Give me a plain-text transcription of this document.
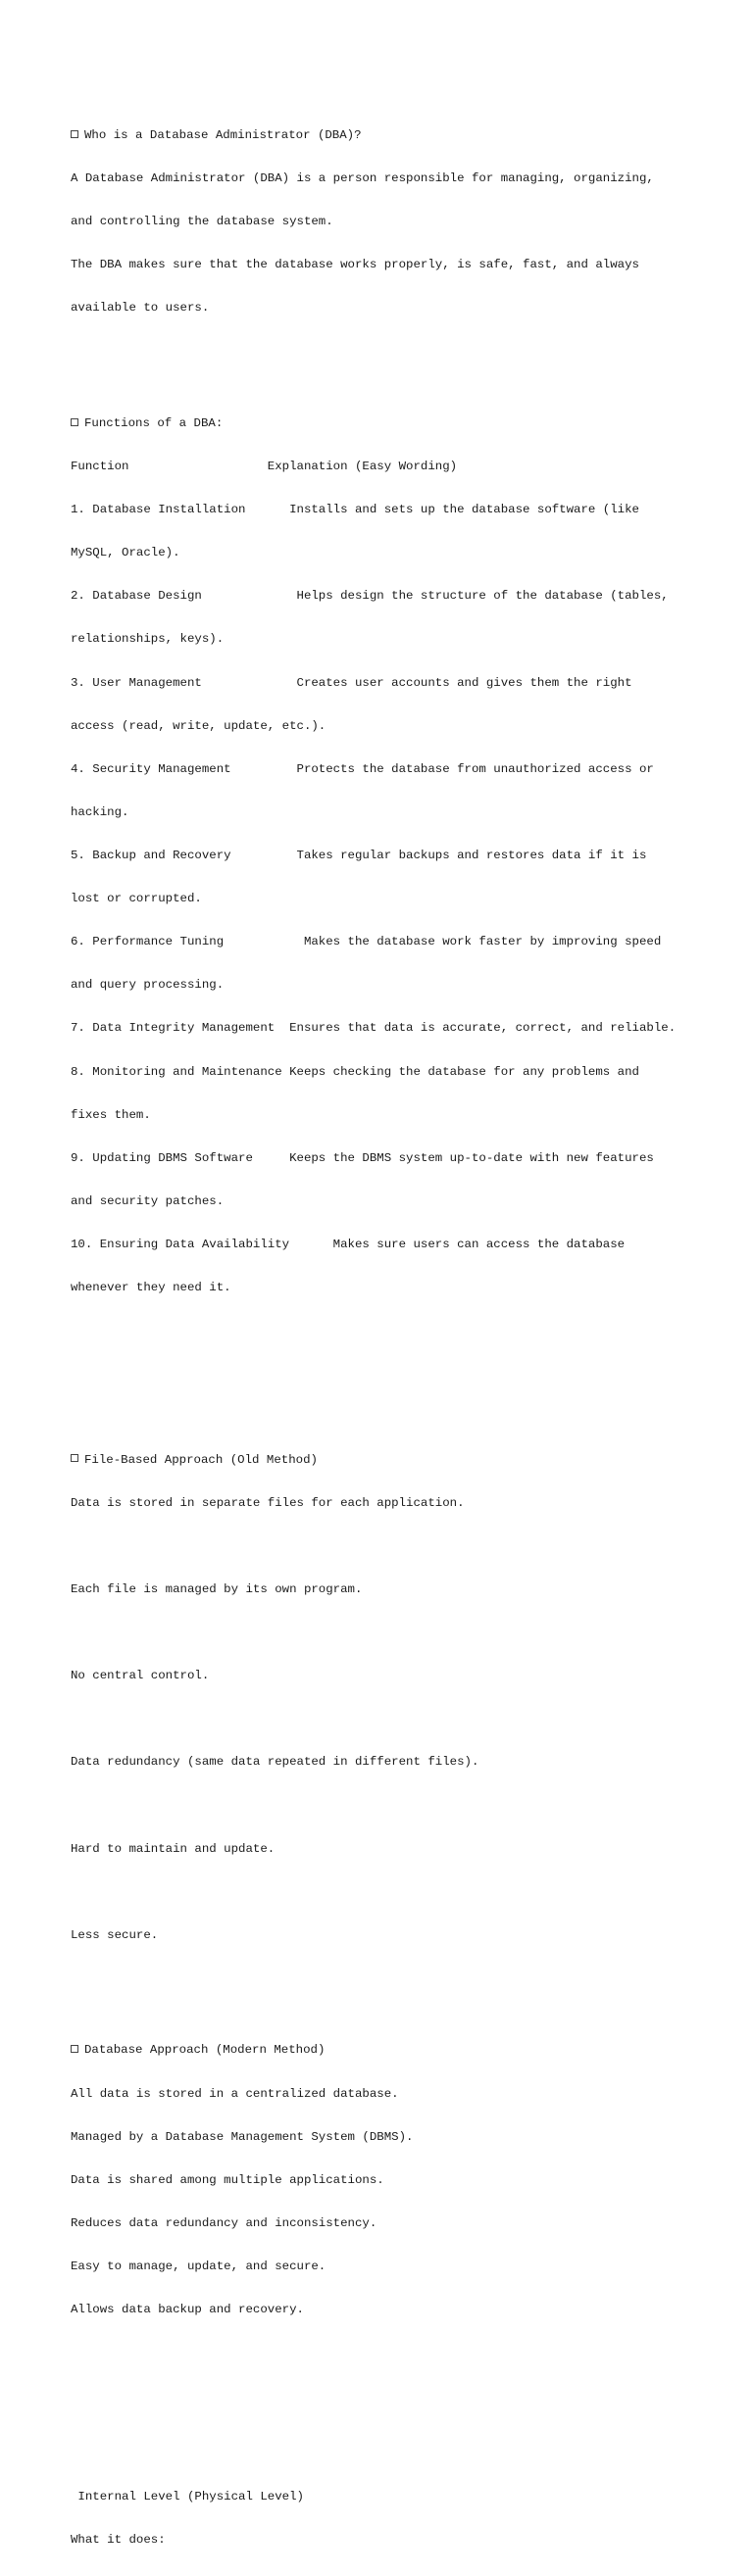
Who is a Database Administrator (DBA)?

A Database Administrator (DBA) is a person responsible for managing, organizing,

and controlling the database system.

The DBA makes sure that the database works properly, is safe, fast, and always

available to users.

Functions of a DBA:

Function                   Explanation (Easy Wording)

1. Database Installation      Installs and sets up the database software (like

MySQL, Oracle).

2. Database Design             Helps design the structure of the database (tables,

relationships, keys).

3. User Management             Creates user accounts and gives them the right

access (read, write, update, etc.).

4. Security Management         Protects the database from unauthorized access or

hacking.

5. Backup and Recovery         Takes regular backups and restores data if it is

lost or corrupted.

6. Performance Tuning           Makes the database work faster by improving speed

and query processing.

7. Data Integrity Management  Ensures that data is accurate, correct, and reliable.

8. Monitoring and Maintenance Keeps checking the database for any problems and

fixes them.

9. Updating DBMS Software     Keeps the DBMS system up-to-date with new features

and security patches.

10. Ensuring Data Availability      Makes sure users can access the database

whenever they need it.

File-Based Approach (Old Method)

Data is stored in separate files for each application.

Each file is managed by its own program.

No central control.

Data redundancy (same data repeated in different files).

Hard to maintain and update.

Less secure.

Database Approach (Modern Method)

All data is stored in a centralized database.

Managed by a Database Management System (DBMS).

Data is shared among multiple applications.

Reduces data redundancy and inconsistency.

Easy to manage, update, and secure.

Allows data backup and recovery.

Internal Level (Physical Level)

What it does:
